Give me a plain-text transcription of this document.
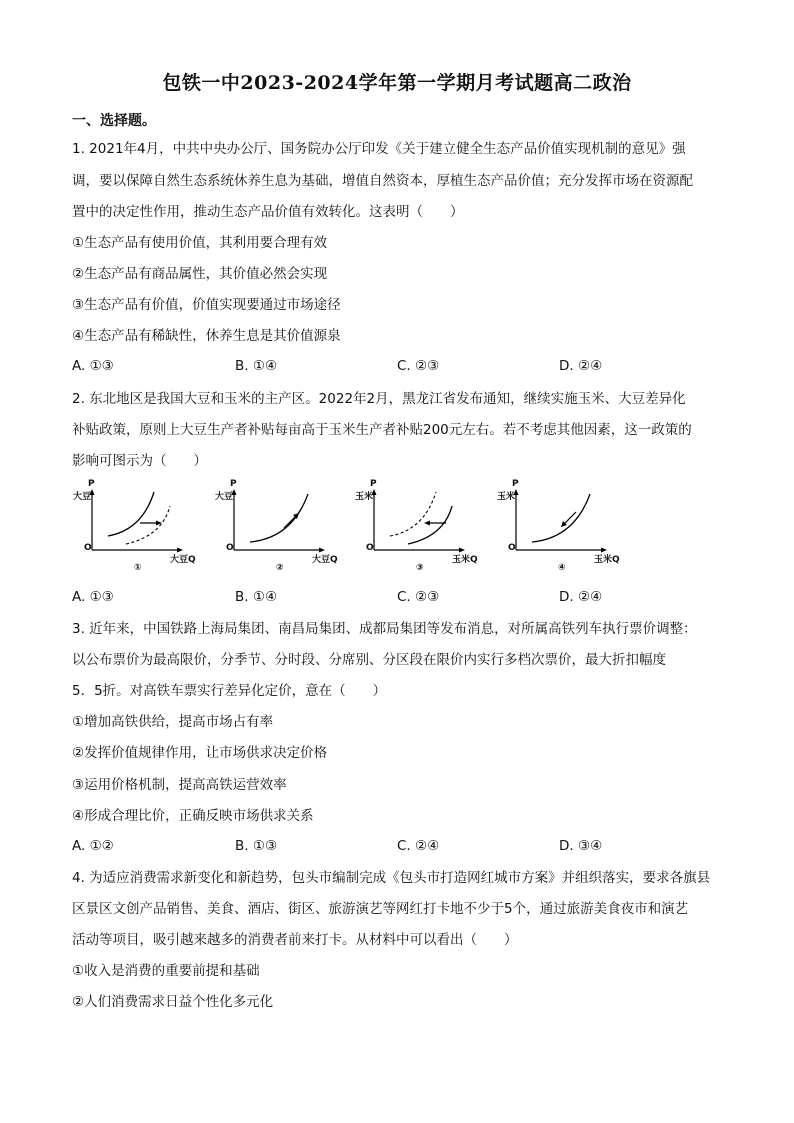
包铁一中2023-2024学年第一学期月考试题高二政治
一、选择题。
1. 2021年4月，中共中央办公厅、国务院办公厅印发《关于建立健全生态产品价值实现机制的意见》强
调，要以保障自然生态系统休养生息为基础，增值自然资本，厚植生态产品价值；充分发挥市场在资源配
置中的决定性作用，推动生态产品价值有效转化。这表明（　　）
①生态产品有使用价值，其利用要合理有效
②生态产品有商品属性，其价值必然会实现
③生态产品有价值，价值实现要通过市场途径
④生态产品有稀缺性，休养生息是其价值源泉
A. ①③	B. ①④	C. ②③	D. ②④
2. 东北地区是我国大豆和玉米的主产区。2022年2月，黑龙江省发布通知，继续实施玉米、大豆差异化
补贴政策，原则上大豆生产者补贴每亩高于玉米生产者补贴200元左右。若不考虑其他因素，这一政策的
影响可图示为（　　）
P
大豆
O
大豆Q
①
P
大豆
O
大豆Q
②
P
玉米
O
玉米Q
③
P
玉米
O
玉米Q
④
A. ①③	B. ①④	C. ②③	D. ②④
3. 近年来，中国铁路上海局集团、南昌局集团、成都局集团等发布消息，对所属高铁列车执行票价调整：
以公布票价为最高限价，分季节、分时段、分席别、分区段在限价内实行多档次票价，最大折扣幅度
5．5折。对高铁车票实行差异化定价，意在（　　）
①增加高铁供给，提高市场占有率
②发挥价值规律作用，让市场供求决定价格
③运用价格机制，提高高铁运营效率
④形成合理比价，正确反映市场供求关系
A. ①②	B. ①③	C. ②④	D. ③④
4. 为适应消费需求新变化和新趋势，包头市编制完成《包头市打造网红城市方案》并组织落实，要求各旗县
区景区文创产品销售、美食、酒店、街区、旅游演艺等网红打卡地不少于5个，通过旅游美食夜市和演艺
活动等项目，吸引越来越多的消费者前来打卡。从材料中可以看出（　　）
①收入是消费的重要前提和基础
②人们消费需求日益个性化多元化
